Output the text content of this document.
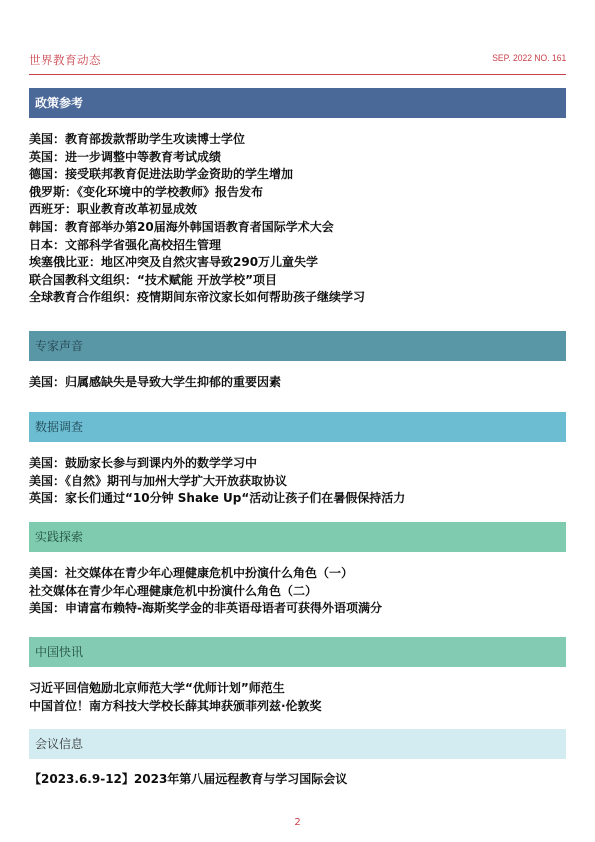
世界教育动态	SEP. 2022 NO. 161
政策参考
美国：教育部拨款帮助学生攻读博士学位
英国：进一步调整中等教育考试成绩
德国：接受联邦教育促进法助学金资助的学生增加
俄罗斯：《变化环境中的学校教师》报告发布
西班牙：职业教育改革初显成效
韩国：教育部举办第20届海外韩国语教育者国际学术大会
日本：文部科学省强化高校招生管理
埃塞俄比亚：地区冲突及自然灾害导致290万儿童失学
联合国教科文组织：“技术赋能 开放学校”项目
全球教育合作组织：疫情期间东帝汶家长如何帮助孩子继续学习
专家声音
美国：归属感缺失是导致大学生抑郁的重要因素
数据调查
美国：鼓励家长参与到课内外的数学学习中
美国：《自然》期刊与加州大学扩大开放获取协议
英国：家长们通过“10分钟 Shake Up“活动让孩子们在暑假保持活力
实践探索
美国：社交媒体在青少年心理健康危机中扮演什么角色（一）
社交媒体在青少年心理健康危机中扮演什么角色（二）
美国：申请富布赖特-海斯奖学金的非英语母语者可获得外语项满分
中国快讯
习近平回信勉励北京师范大学“优师计划”师范生
中国首位！南方科技大学校长薛其坤获颁菲列兹·伦敦奖
会议信息
【2023.6.9-12】2023年第八届远程教育与学习国际会议
2
